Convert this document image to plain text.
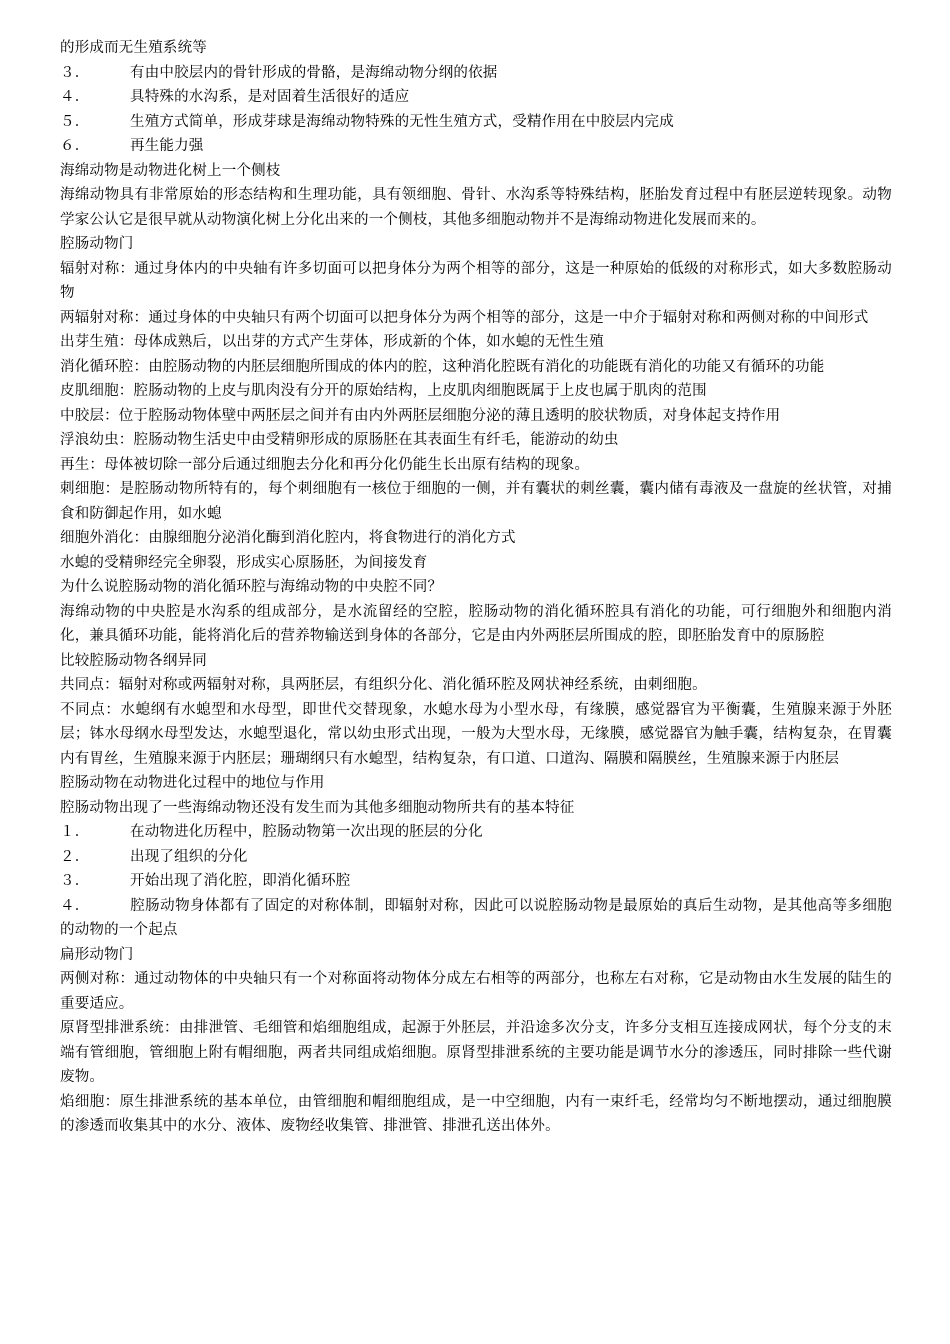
的形成而无生殖系统等

３．	有由中胶层内的骨针形成的骨骼，是海绵动物分纲的依据
４．	具特殊的水沟系，是对固着生活很好的适应
５．	生殖方式简单，形成芽球是海绵动物特殊的无性生殖方式，受精作用在中胶层内完成
６．	再生能力强

海绵动物是动物进化树上一个侧枝

海绵动物具有非常原始的形态结构和生理功能，具有领细胞、骨针、水沟系等特殊结构，胚胎发育过程中有胚层逆转现象。动物学家公认它是很早就从动物演化树上分化出来的一个侧枝，其他多细胞动物并不是海绵动物进化发展而来的。

腔肠动物门

辐射对称：通过身体内的中央轴有许多切面可以把身体分为两个相等的部分，这是一种原始的低级的对称形式，如大多数腔肠动物

两辐射对称：通过身体的中央轴只有两个切面可以把身体分为两个相等的部分，这是一中介于辐射对称和两侧对称的中间形式

出芽生殖：母体成熟后，以出芽的方式产生芽体，形成新的个体，如水螅的无性生殖

消化循环腔：由腔肠动物的内胚层细胞所围成的体内的腔，这种消化腔既有消化的功能既有消化的功能又有循环的功能

皮肌细胞：腔肠动物的上皮与肌肉没有分开的原始结构，上皮肌肉细胞既属于上皮也属于肌肉的范围

中胶层：位于腔肠动物体壁中两胚层之间并有由内外两胚层细胞分泌的薄且透明的胶状物质，对身体起支持作用

浮浪幼虫：腔肠动物生活史中由受精卵形成的原肠胚在其表面生有纤毛，能游动的幼虫

再生：母体被切除一部分后通过细胞去分化和再分化仍能生长出原有结构的现象。

刺细胞：是腔肠动物所特有的，每个刺细胞有一核位于细胞的一侧，并有囊状的刺丝囊，囊内储有毒液及一盘旋的丝状管，对捕食和防御起作用，如水螅

细胞外消化：由腺细胞分泌消化酶到消化腔内，将食物进行的消化方式

水螅的受精卵经完全卵裂，形成实心原肠胚，为间接发育

为什么说腔肠动物的消化循环腔与海绵动物的中央腔不同？

海绵动物的中央腔是水沟系的组成部分，是水流留经的空腔，腔肠动物的消化循环腔具有消化的功能，可行细胞外和细胞内消化，兼具循环功能，能将消化后的营养物输送到身体的各部分，它是由内外两胚层所围成的腔，即胚胎发育中的原肠腔

比较腔肠动物各纲异同

共同点：辐射对称或两辐射对称，具两胚层，有组织分化、消化循环腔及网状神经系统，由刺细胞。

不同点：水螅纲有水螅型和水母型，即世代交替现象，水螅水母为小型水母，有缘膜，感觉器官为平衡囊，生殖腺来源于外胚层；钵水母纲水母型发达，水螅型退化，常以幼虫形式出现，一般为大型水母，无缘膜，感觉器官为触手囊，结构复杂，在胃囊内有胃丝，生殖腺来源于内胚层；珊瑚纲只有水螅型，结构复杂，有口道、口道沟、隔膜和隔膜丝，生殖腺来源于内胚层

腔肠动物在动物进化过程中的地位与作用

腔肠动物出现了一些海绵动物还没有发生而为其他多细胞动物所共有的基本特征

１．	在动物进化历程中，腔肠动物第一次出现的胚层的分化
２．	出现了组织的分化
３．	开始出现了消化腔，即消化循环腔

４．	腔肠动物身体都有了固定的对称体制，即辐射对称，因此可以说腔肠动物是最原始的真后生动物，是其他高等多细胞的动物的一个起点

扁形动物门

两侧对称：通过动物体的中央轴只有一个对称面将动物体分成左右相等的两部分，也称左右对称，它是动物由水生发展的陆生的重要适应。

原肾型排泄系统：由排泄管、毛细管和焰细胞组成，起源于外胚层，并沿途多次分支，许多分支相互连接成网状，每个分支的末端有管细胞，管细胞上附有帽细胞，两者共同组成焰细胞。原肾型排泄系统的主要功能是调节水分的渗透压，同时排除一些代谢废物。

焰细胞：原生排泄系统的基本单位，由管细胞和帽细胞组成，是一中空细胞，内有一束纤毛，经常均匀不断地摆动，通过细胞膜的渗透而收集其中的水分、液体、废物经收集管、排泄管、排泄孔送出体外。
